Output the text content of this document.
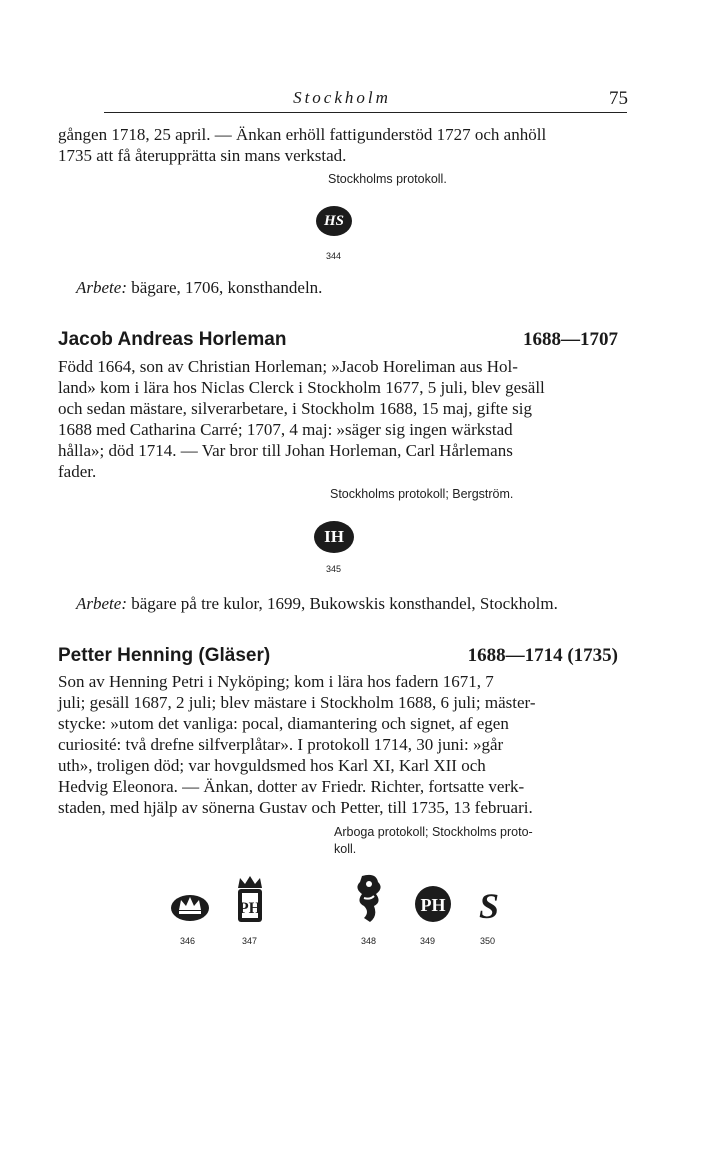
Stockholm	75
gången 1718, 25 april. — Änkan erhöll fattigunderstöd 1727 och anhöll
1735 att få återupprätta sin mans verkstad.
Stockholms protokoll.
HS
344
Arbete: bägare, 1706, konsthandeln.
Jacob Andreas Horleman	1688—1707
Född 1664, son av Christian Horleman; »Jacob Horeliman aus Hol-
land» kom i lära hos Niclas Clerck i Stockholm 1677, 5 juli, blev gesäll
och sedan mästare, silverarbetare, i Stockholm 1688, 15 maj, gifte sig
1688 med Catharina Carré; 1707, 4 maj: »säger sig ingen wärkstad
hålla»; död 1714. — Var bror till Johan Horleman, Carl Hårlemans
fader.
Stockholms protokoll; Bergström.
IH
345
Arbete: bägare på tre kulor, 1699, Bukowskis konsthandel, Stockholm.
Petter Henning (Gläser)	1688—1714 (1735)
Son av Henning Petri i Nyköping; kom i lära hos fadern 1671, 7
juli; gesäll 1687, 2 juli; blev mästare i Stockholm 1688, 6 juli; mäster-
stycke: »utom det vanliga: pocal, diamantering och signet, af egen
curiosité: två drefne silfverplåtar». I protokoll 1714, 30 juni: »går
uth», troligen död; var hovguldsmed hos Karl XI, Karl XII och
Hedvig Eleonora. — Änkan, dotter av Friedr. Richter, fortsatte verk-
staden, med hjälp av sönerna Gustav och Petter, till 1735, 13 februari.
Arboga protokoll; Stockholms proto-
koll.
PH	PH S
346	347	348	349	350
